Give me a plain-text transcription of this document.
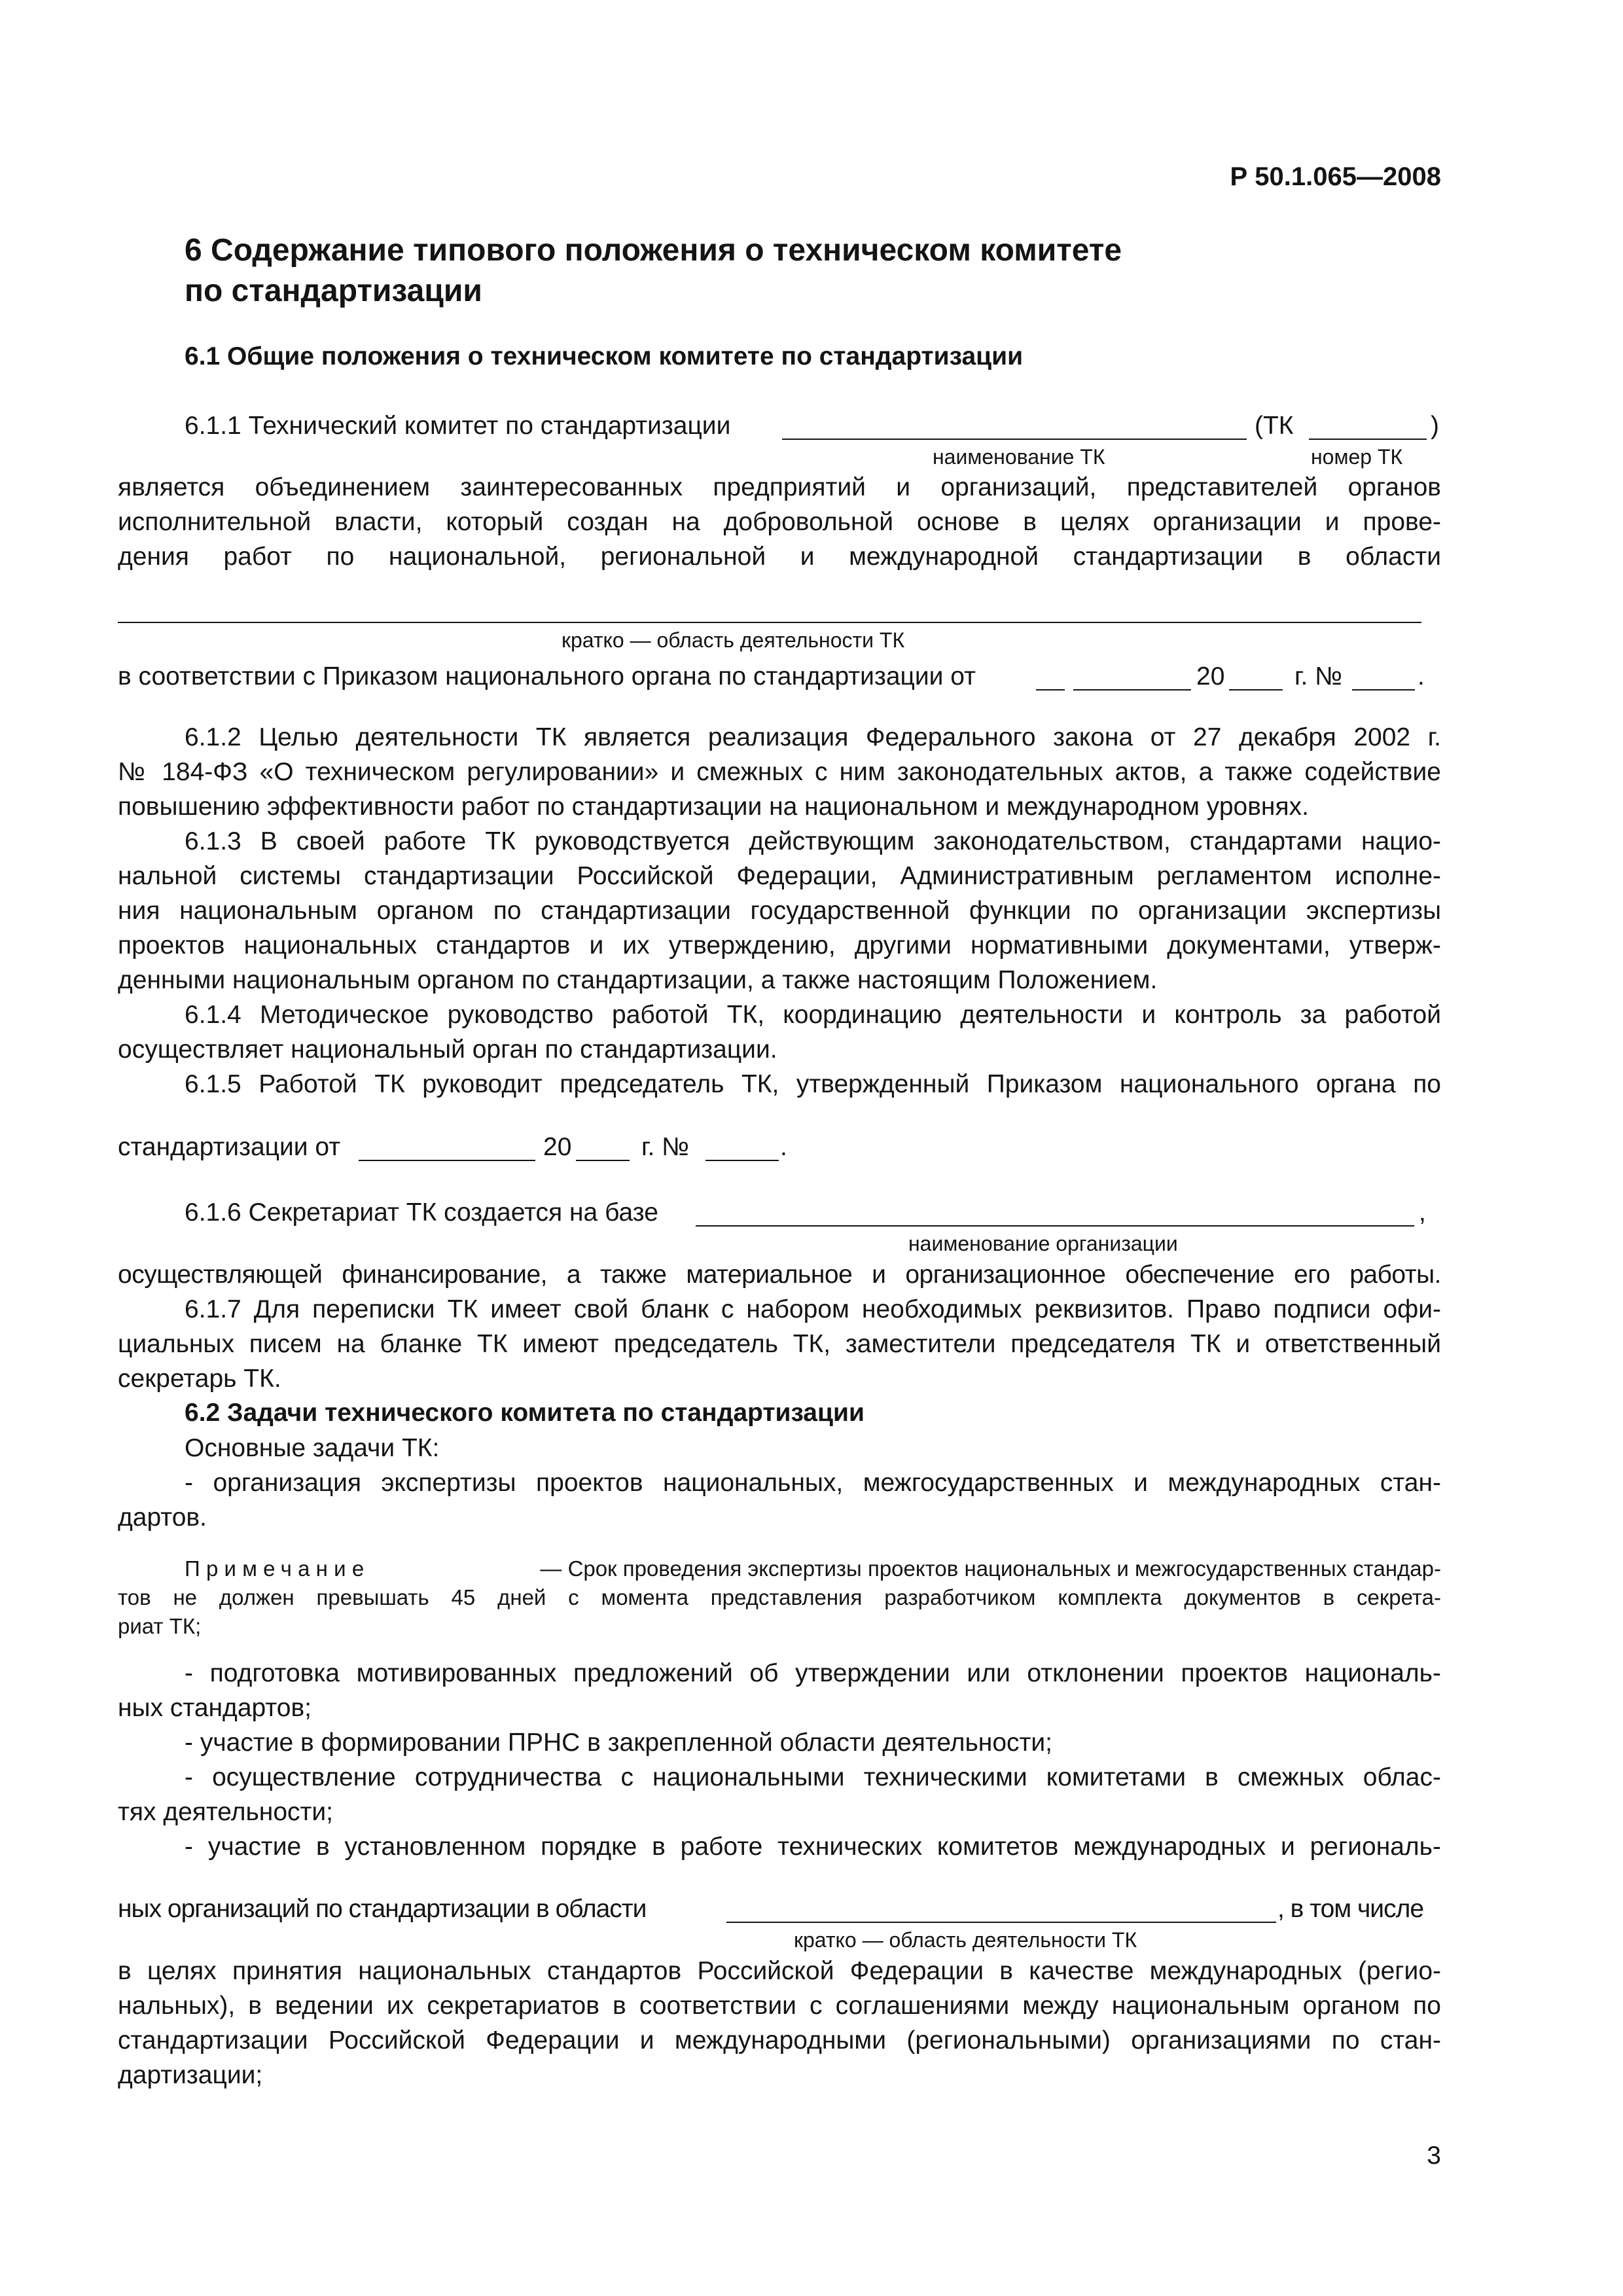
Р 50.1.065—2008
6 Содержание типового положения о техническом комитете
по стандартизации
6.1 Общие положения о техническом комитете по стандартизации
6.1.1 Технический комитет по стандартизации	(ТК	)
наименование ТК	номер ТК
является объединением заинтересованных предприятий и организаций, представителей органов
исполнительной власти, который создан на добровольной основе в целях организации и прове-
дения работ по национальной, региональной и международной стандартизации в области
кратко — область деятельности ТК
в соответствии с Приказом национального органа по стандартизации от	20	г. №	.
6.1.2 Целью деятельности ТК является реализация Федерального закона от 27 декабря 2002 г.
№ 184-ФЗ «О техническом регулировании» и смежных с ним законодательных актов, а также содействие
повышению эффективности работ по стандартизации на национальном и международном уровнях.
6.1.3 В своей работе ТК руководствуется действующим законодательством, стандартами нацио-
нальной системы стандартизации Российской Федерации, Административным регламентом исполне-
ния национальным органом по стандартизации государственной функции по организации экспертизы
проектов национальных стандартов и их утверждению, другими нормативными документами, утверж-
денными национальным органом по стандартизации, а также настоящим Положением.
6.1.4 Методическое руководство работой ТК, координацию деятельности и контроль за работой
осуществляет национальный орган по стандартизации.
6.1.5 Работой ТК руководит председатель ТК, утвержденный Приказом национального органа по
стандартизации от	20	г. №	.
6.1.6 Секретариат ТК создается на базе	,
наименование организации
осуществляющей финансирование, а также материальное и организационное обеспечение его работы.
6.1.7 Для переписки ТК имеет свой бланк с набором необходимых реквизитов. Право подписи офи-
циальных писем на бланке ТК имеют председатель ТК, заместители председателя ТК и ответственный
секретарь ТК.
6.2 Задачи технического комитета по стандартизации
Основные задачи ТК:
- организация экспертизы проектов национальных, межгосударственных и международных стан-
дартов.
Примечание	— Срок проведения экспертизы проектов национальных и межгосударственных стандар-
тов не должен превышать 45 дней с момента представления разработчиком комплекта документов в секрета-
риат ТК;
- подготовка мотивированных предложений об утверждении или отклонении проектов националь-
ных стандартов;
- участие в формировании ПРНС в закрепленной области деятельности;
- осуществление сотрудничества с национальными техническими комитетами в смежных облас-
тях деятельности;
- участие в установленном порядке в работе технических комитетов международных и региональ-
ных организаций по стандартизации в области	, в том числе
кратко — область деятельности ТК
в целях принятия национальных стандартов Российской Федерации в качестве международных (регио-
нальных), в ведении их секретариатов в соответствии с соглашениями между национальным органом по
стандартизации Российской Федерации и международными (региональными) организациями по стан-
дартизации;
3
